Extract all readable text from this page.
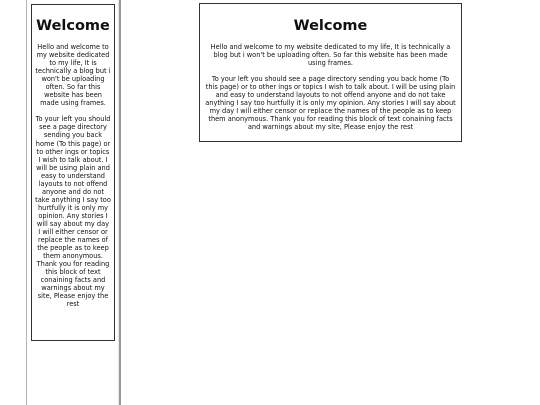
Welcome

Hello and welcome to my website dedicated to my life, It is technically a blog but i won't be uploading often. So far this website has been made using frames.

To your left you should see a page directory sending you back home (To this page) or to other ings or topics I wish to talk about. I will be using plain and easy to understand layouts to not offend anyone and do not take anything I say too hurtfully it is only my opinion. Any stories I will say about my day I will either censor or replace the names of the people as to keep them anonymous. Thank you for reading this block of text conaining facts and warnings about my site, Please enjoy the rest

Welcome

Hello and welcome to my website dedicated to my life, It is technically a blog but i won't be uploading often. So far this website has been made using frames.

To your left you should see a page directory sending you back home (To this page) or to other ings or topics I wish to talk about. I will be using plain and easy to understand layouts to not offend anyone and do not take anything I say too hurtfully it is only my opinion. Any stories I will say about my day I will either censor or replace the names of the people as to keep them anonymous. Thank you for reading this block of text conaining facts and warnings about my site, Please enjoy the rest
